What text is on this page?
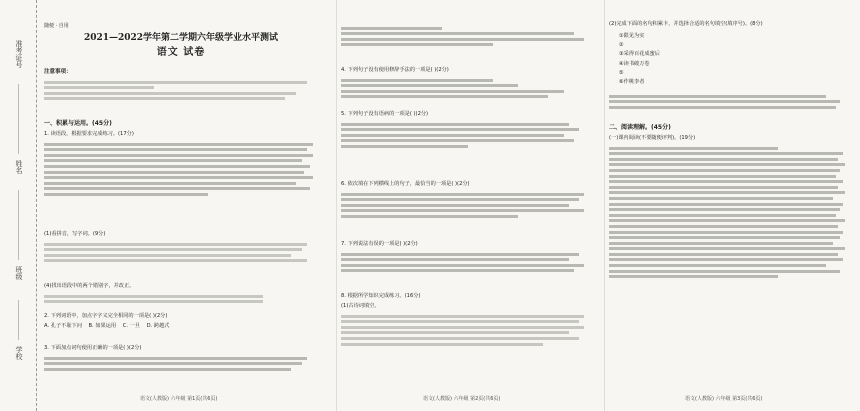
准考证号
姓名
班级
学校
随便 · 自用
2021—2022学年第二学期六年级学业水平测试
语文 试卷
注意事项：
一、积累与运用。(45分)
1. 读语段，根据要求完成练习。(17分)
(1)看拼音，写字词。(9分)
(4)找出语段中的两个错别字，并改正。
2. 下列词语中，加点字字义完全相同的一项是( )(2分)
A. 孔子不耻下问 B. 如果运用 C. 一旦 D. 跨越式
3. 下面加点词句使用正确的一项是( )(2分)
语文(人教版) 六年级 第1页(共6页)
4. 下列句子没有使用修辞手法的一项是( )(2分)
5. 下列句子没有语病的一项是( )(2分)
6. 依次填在下列横线上的句子，最恰当的一项是( )(2分)
7. 下列说法有误的一项是( )(2分)
8. 根据所学知识完成练习。(16分)
(1)古诗词填空。
语文(人教版) 六年级 第2页(共6页)
(2)完成下面的名句积累卡，并选择合适的名句填空(填序号)。(8分)
①限见为实
②
③采得百花成蜜后
④读书破万卷
⑤
⑥作桃李者
二、阅读理解。(45分)
(一)课内阅读(不要随便评判)。(19分)
语文(人教版) 六年级 第3页(共6页)
